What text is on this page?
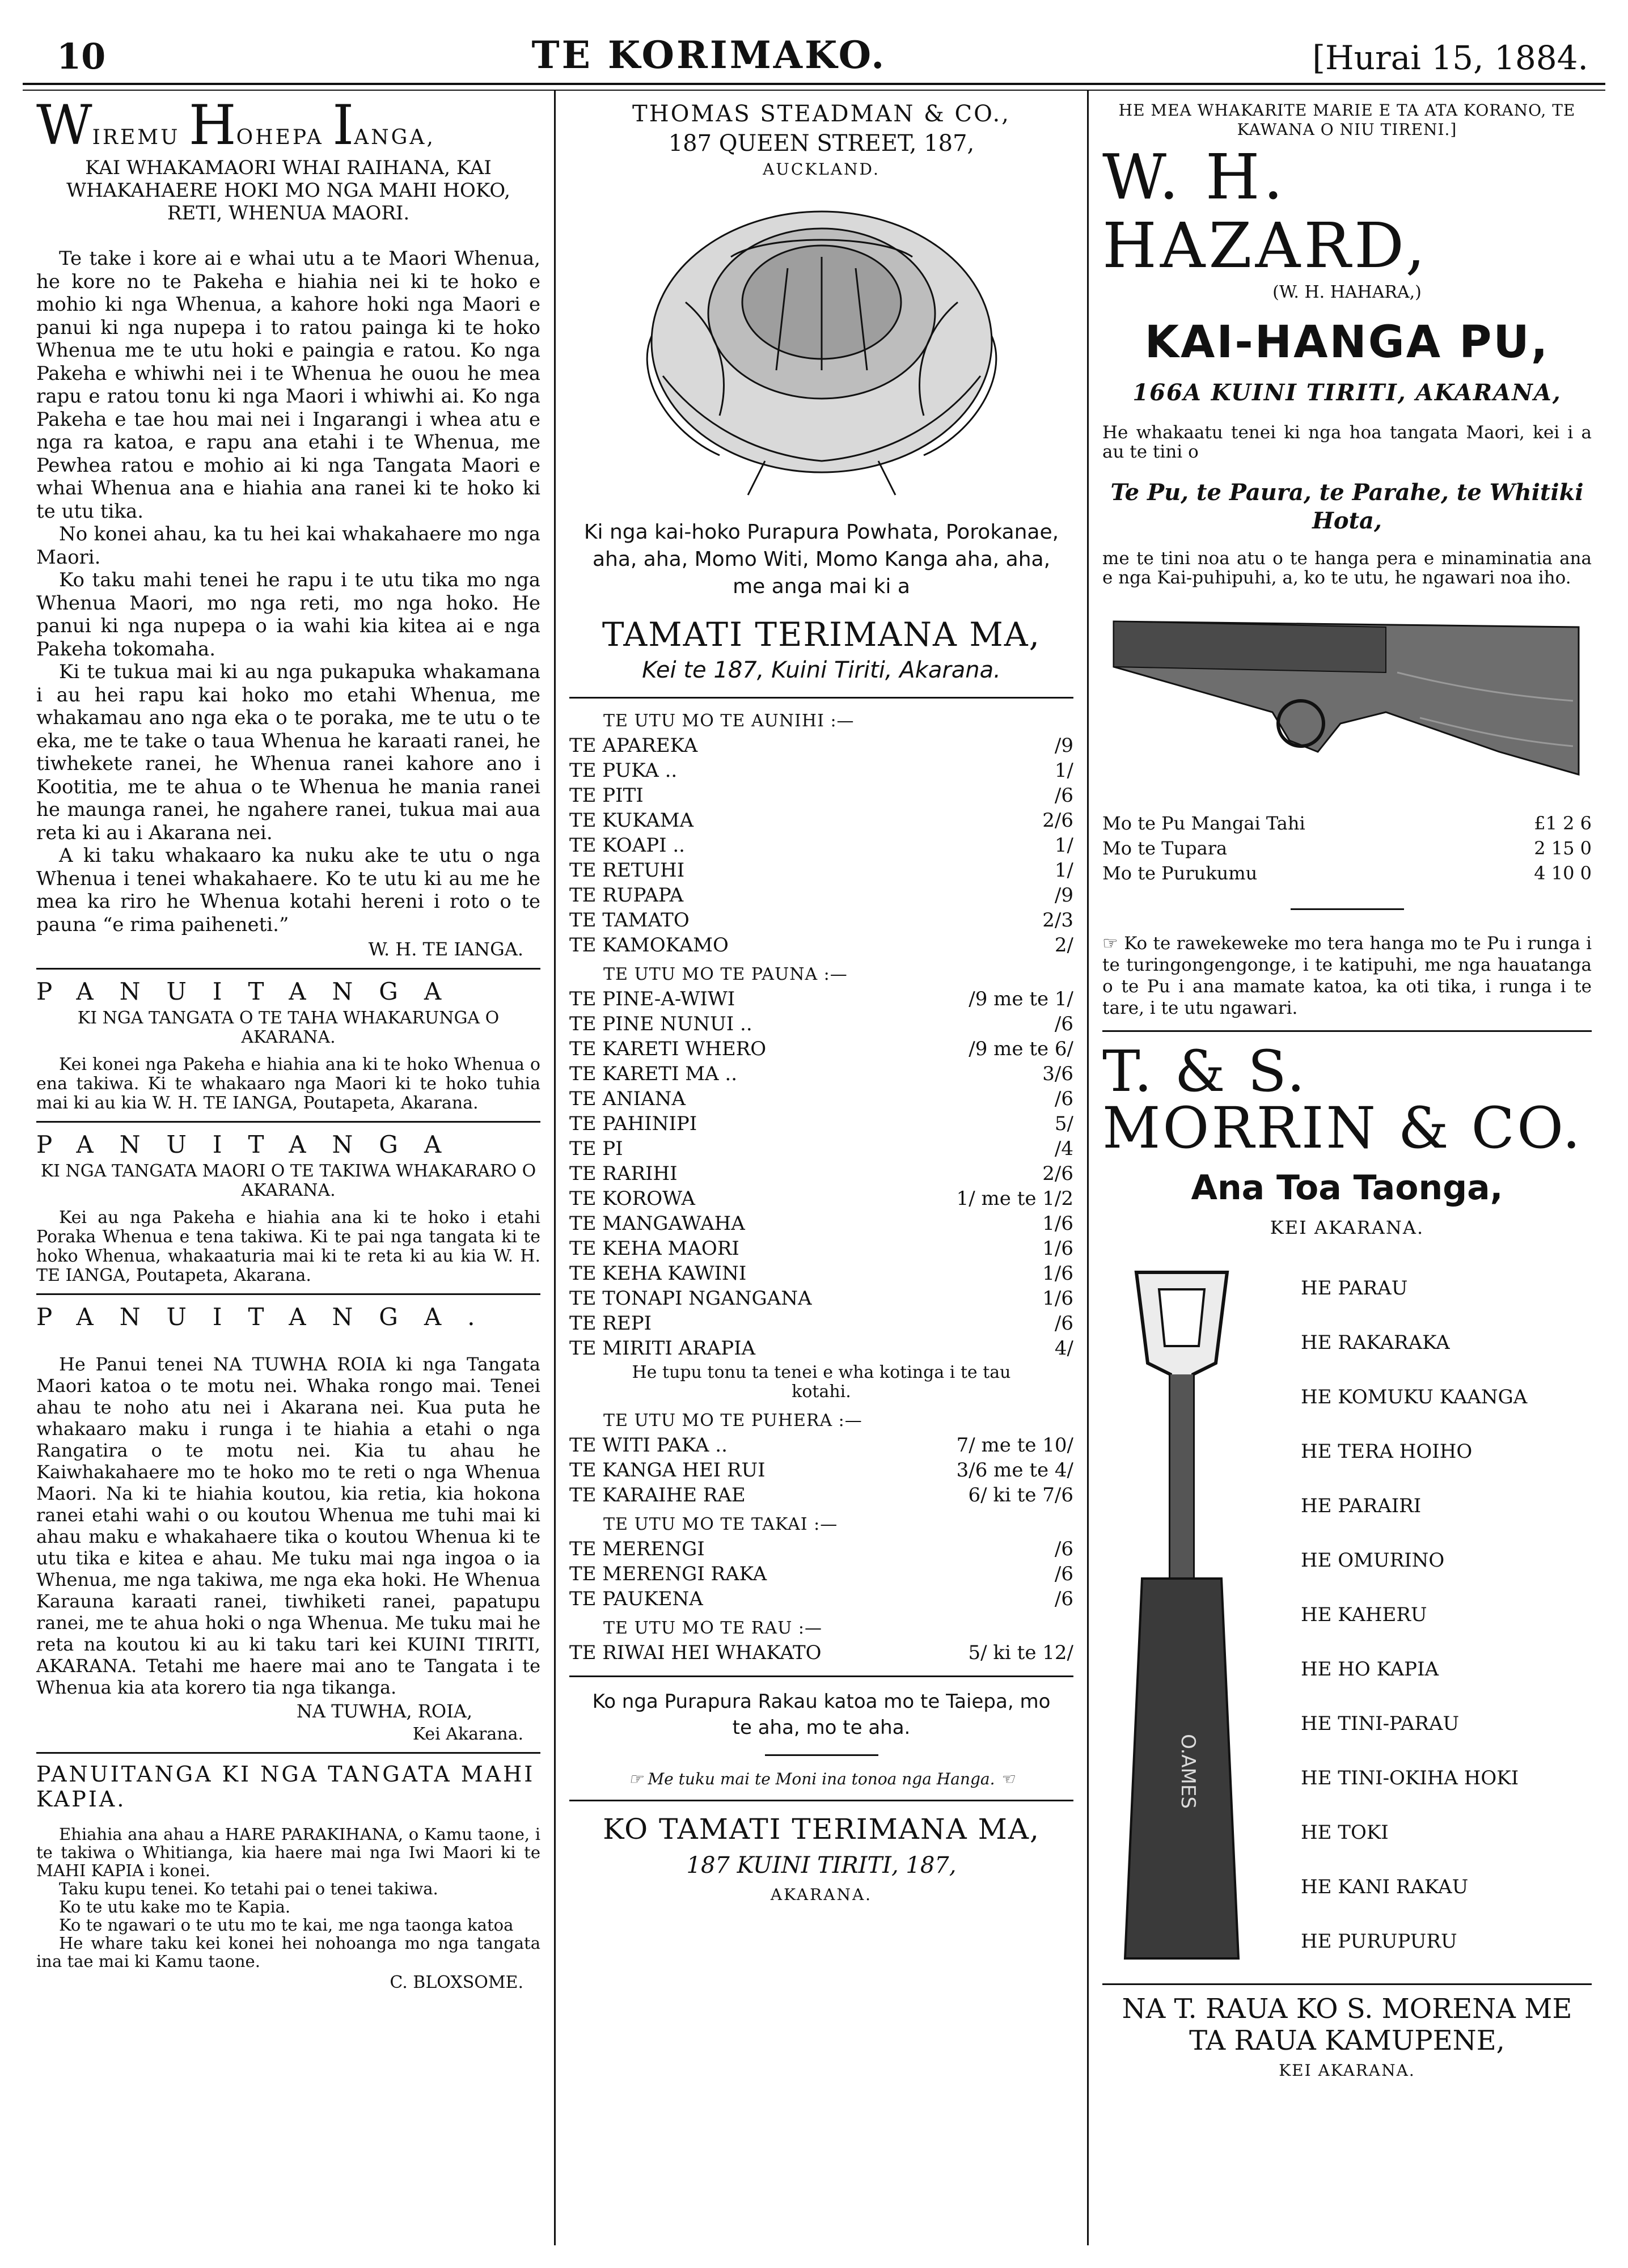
10	TE KORIMAKO.	[Hurai 15, 1884.
WIREMU HOHEPA IANGA,
KAI WHAKAMAORI WHAI RAIHANA, KAI WHAKAHAERE HOKI MO NGA MAHI HOKO, RETI, WHENUA MAORI.

Te take i kore ai e whai utu a te Maori Whenua, he kore no te Pakeha e hiahia nei ki te hoko e mohio ki nga Whenua, a kahore hoki nga Maori e panui ki nga nupepa i to ratou painga ki te hoko Whenua me te utu hoki e paingia e ratou. Ko nga Pakeha e whiwhi nei i te Whenua he ouou he mea rapu e ratou tonu ki nga Maori i whiwhi ai. Ko nga Pakeha e tae hou mai nei i Ingarangi i whea atu e nga ra katoa, e rapu ana etahi i te Whenua, me Pewhea ratou e mohio ai ki nga Tangata Maori e whai Whenua ana e hiahia ana ranei ki te hoko ki te utu tika.

No konei ahau, ka tu hei kai whakahaere mo nga Maori.

Ko taku mahi tenei he rapu i te utu tika mo nga Whenua Maori, mo nga reti, mo nga hoko. He panui ki nga nupepa o ia wahi kia kitea ai e nga Pakeha tokomaha.

Ki te tukua mai ki au nga pukapuka whakamana i au hei rapu kai hoko mo etahi Whenua, me whakamau ano nga eka o te poraka, me te utu o te eka, me te take o taua Whenua he karaati ranei, he tiwhekete ranei, he Whenua ranei kahore ano i Kootitia, me te ahua o te Whenua he mania ranei he maunga ranei, he ngahere ranei, tukua mai aua reta ki au i Akarana nei.

A ki taku whakaaro ka nuku ake te utu o nga Whenua i tenei whakahaere. Ko te utu ki au me he mea ka riro he Whenua kotahi hereni i roto o te pauna “e rima paiheneti.”

W. H. TE IANGA.
PANUITANGA
KI NGA TANGATA O TE TAHA WHAKARUNGA O AKARANA.

Kei konei nga Pakeha e hiahia ana ki te hoko Whenua o ena takiwa. Ki te whakaaro nga Maori ki te hoko tuhia mai ki au kia W. H. TE IANGA, Poutapeta, Akarana.

PANUITANGA
KI NGA TANGATA MAORI O TE TAKIWA WHAKARARO O AKARANA.

Kei au nga Pakeha e hiahia ana ki te hoko i etahi Poraka Whenua e tena takiwa. Ki te pai nga tangata ki te hoko Whenua, whakaaturia mai ki te reta ki au kia W. H. TE IANGA, Poutapeta, Akarana.

PANUITANGA.

He Panui tenei NA TUWHA ROIA ki nga Tangata Maori katoa o te motu nei. Whaka rongo mai. Tenei ahau te noho atu nei i Akarana nei. Kua puta he whakaaro maku i runga i te hiahia a etahi o nga Rangatira o te motu nei. Kia tu ahau he Kaiwhakahaere mo te hoko mo te reti o nga Whenua Maori. Na ki te hiahia koutou, kia retia, kia hokona ranei etahi wahi o ou koutou Whenua me tuhi mai ki ahau maku e whakahaere tika o koutou Whenua ki te utu tika e kitea e ahau. Me tuku mai nga ingoa o ia Whenua, me nga takiwa, me nga eka hoki. He Whenua Karauna karaati ranei, tiwhiketi ranei, papatupu ranei, me te ahua hoki o nga Whenua. Me tuku mai he reta na koutou ki au ki taku tari kei KUINI TIRITI, AKARANA. Tetahi me haere mai ano te Tangata i te Whenua kia ata korero tia nga tikanga.

NA TUWHA, ROIA,
Kei Akarana.
PANUITANGA KI NGA TANGATA MAHI KAPIA.

Ehiahia ana ahau a HARE PARAKIHANA, o Kamu taone, i te takiwa o Whitianga, kia haere mai nga Iwi Maori ki te MAHI KAPIA i konei.

Taku kupu tenei. Ko tetahi pai o tenei takiwa.

Ko te utu kake mo te Kapia.

Ko te ngawari o te utu mo te kai, me nga taonga katoa

He whare taku kei konei hei nohoanga mo nga tangata ina tae mai ki Kamu taone.

C. BLOXSOME.
THOMAS STEADMAN & CO.,
187 QUEEN STREET, 187,
AUCKLAND.
Ki nga kai-hoko Purapura Powhata, Porokanae, aha, aha, Momo Witi, Momo Kanga aha, aha, me anga mai ki a
TAMATI TERIMANA MA,
Kei te 187, Kuini Tiriti, Akarana.
TE UTU MO TE AUNIHI :—
TE APAREKA	/9
TE PUKA ..	1/
TE PITI	/6
TE KUKAMA	2/6
TE KOAPI ..	1/
TE RETUHI	1/
TE RUPAPA	/9
TE TAMATO	2/3
TE KAMOKAMO	2/
TE UTU MO TE PAUNA :—
TE PINE-A-WIWI	/9 me te 1/
TE PINE NUNUI ..	/6
TE KARETI WHERO	/9 me te 6/
TE KARETI MA ..	3/6
TE ANIANA	/6
TE PAHINIPI	5/
TE PI	/4
TE RARIHI	2/6
TE KOROWA	1/ me te 1/2
TE MANGAWAHA	1/6
TE KEHA MAORI	1/6
TE KEHA KAWINI	1/6
TE TONAPI NGANGANA	1/6
TE REPI	/6
TE MIRITI ARAPIA	4/
He tupu tonu ta tenei e wha kotinga i te tau kotahi.
TE UTU MO TE PUHERA :—
TE WITI PAKA ..	7/ me te 10/
TE KANGA HEI RUI	3/6 me te 4/
TE KARAIHE RAE	6/ ki te 7/6
TE UTU MO TE TAKAI :—
TE MERENGI	/6
TE MERENGI RAKA	/6
TE PAUKENA	/6
TE UTU MO TE RAU :—
TE RIWAI HEI WHAKATO	5/ ki te 12/
Ko nga Purapura Rakau katoa mo te Taiepa, mo te aha, mo te aha.
☞ Me tuku mai te Moni ina tonoa nga Hanga. ☜
KO TAMATI TERIMANA MA,
187 KUINI TIRITI, 187,
AKARANA.
HE MEA WHAKARITE MARIE E TA ATA KORANO, TE KAWANA O NIU TIRENI.]
W. H. HAZARD,
(W. H. HAHARA,)
KAI-HANGA PU,
166A KUINI TIRITI, AKARANA,

He whakaatu tenei ki nga hoa tangata Maori, kei i a au te tini o

Te Pu, te Paura, te Parahe, te Whitiki Hota,

me te tini noa atu o te hanga pera e minaminatia ana e nga Kai-puhipuhi, a, ko te utu, he ngawari noa iho.

Mo te Pu Mangai Tahi	£1 2 6
Mo te Tupara	2 15 0
Mo te Purukumu	4 10 0

☞ Ko te rawekeweke mo tera hanga mo te Pu i runga i te turingongengonge, i te katipuhi, me nga hauatanga o te Pu i ana mamate katoa, ka oti tika, i runga i te tare, i te utu ngawari.

T. & S. MORRIN & CO.
Ana Toa Taonga,
KEI AKARANA.
O.AMES
HE PARAU
HE RAKARAKA
HE KOMUKU KAANGA
HE TERA HOIHO
HE PARAIRI
HE OMURINO
HE KAHERU
HE HO KAPIA
HE TINI-PARAU
HE TINI-OKIHA HOKI
HE TOKI
HE KANI RAKAU
HE PURUPURU
NA T. RAUA KO S. MORENA ME TA RAUA KAMUPENE,
KEI AKARANA.
